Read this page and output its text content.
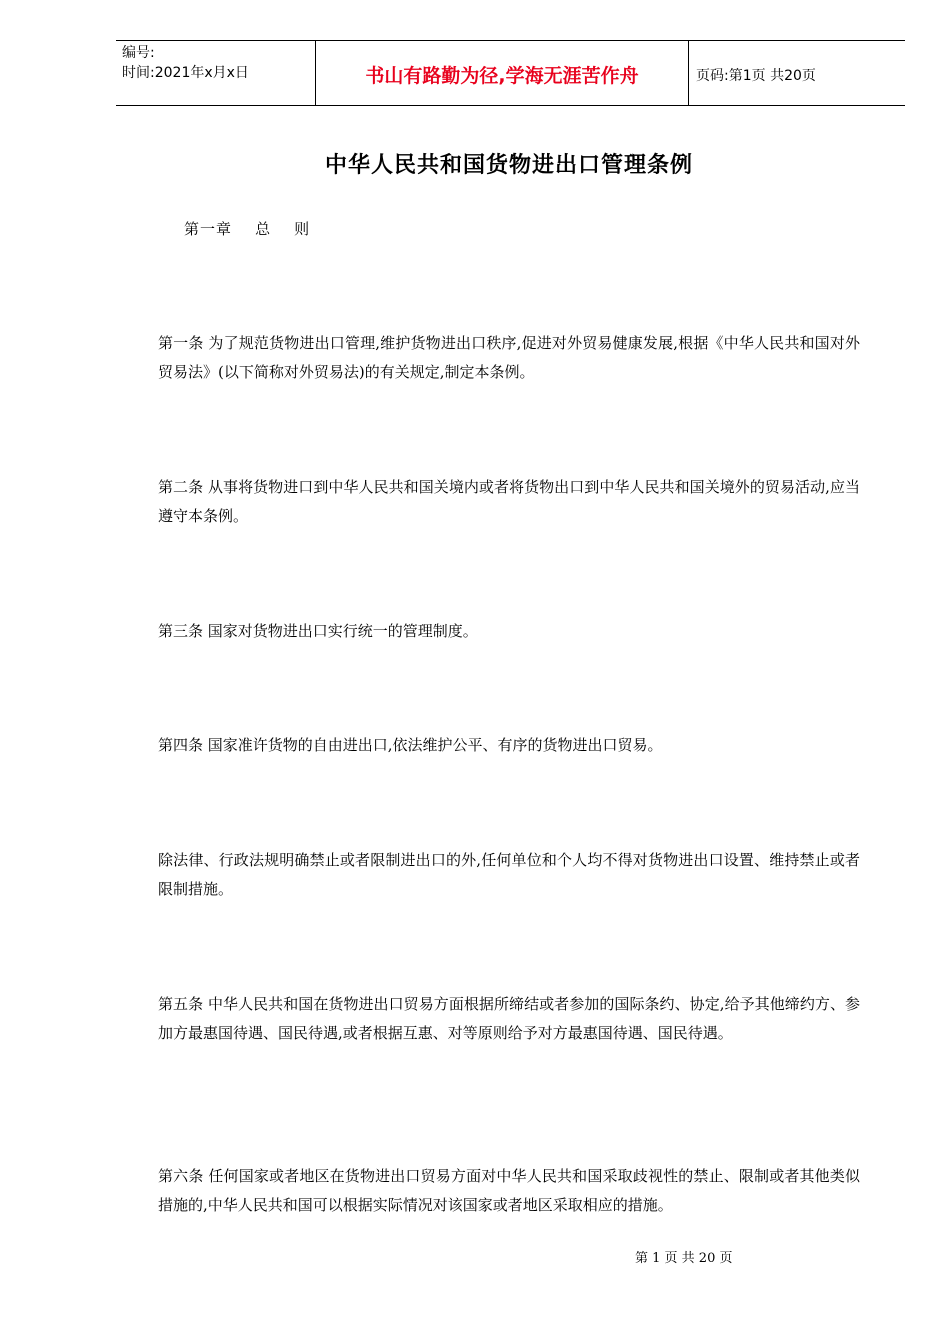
编号:
时间:2021年x月x日	书山有路勤为径,学海无涯苦作舟	页码:第1页 共20页
中华人民共和国货物进出口管理条例
第一章    总    则

第一条 为了规范货物进出口管理,维护货物进出口秩序,促进对外贸易健康发展,根据《中华人民共和国对外贸易法》(以下简称对外贸易法)的有关规定,制定本条例。

第二条 从事将货物进口到中华人民共和国关境内或者将货物出口到中华人民共和国关境外的贸易活动,应当遵守本条例。

第三条 国家对货物进出口实行统一的管理制度。

第四条 国家准许货物的自由进出口,依法维护公平、有序的货物进出口贸易。

除法律、行政法规明确禁止或者限制进出口的外,任何单位和个人均不得对货物进出口设置、维持禁止或者限制措施。

第五条 中华人民共和国在货物进出口贸易方面根据所缔结或者参加的国际条约、协定,给予其他缔约方、参加方最惠国待遇、国民待遇,或者根据互惠、对等原则给予对方最惠国待遇、国民待遇。

第六条 任何国家或者地区在货物进出口贸易方面对中华人民共和国采取歧视性的禁止、限制或者其他类似措施的,中华人民共和国可以根据实际情况对该国家或者地区采取相应的措施。

第 1 页 共 20 页
